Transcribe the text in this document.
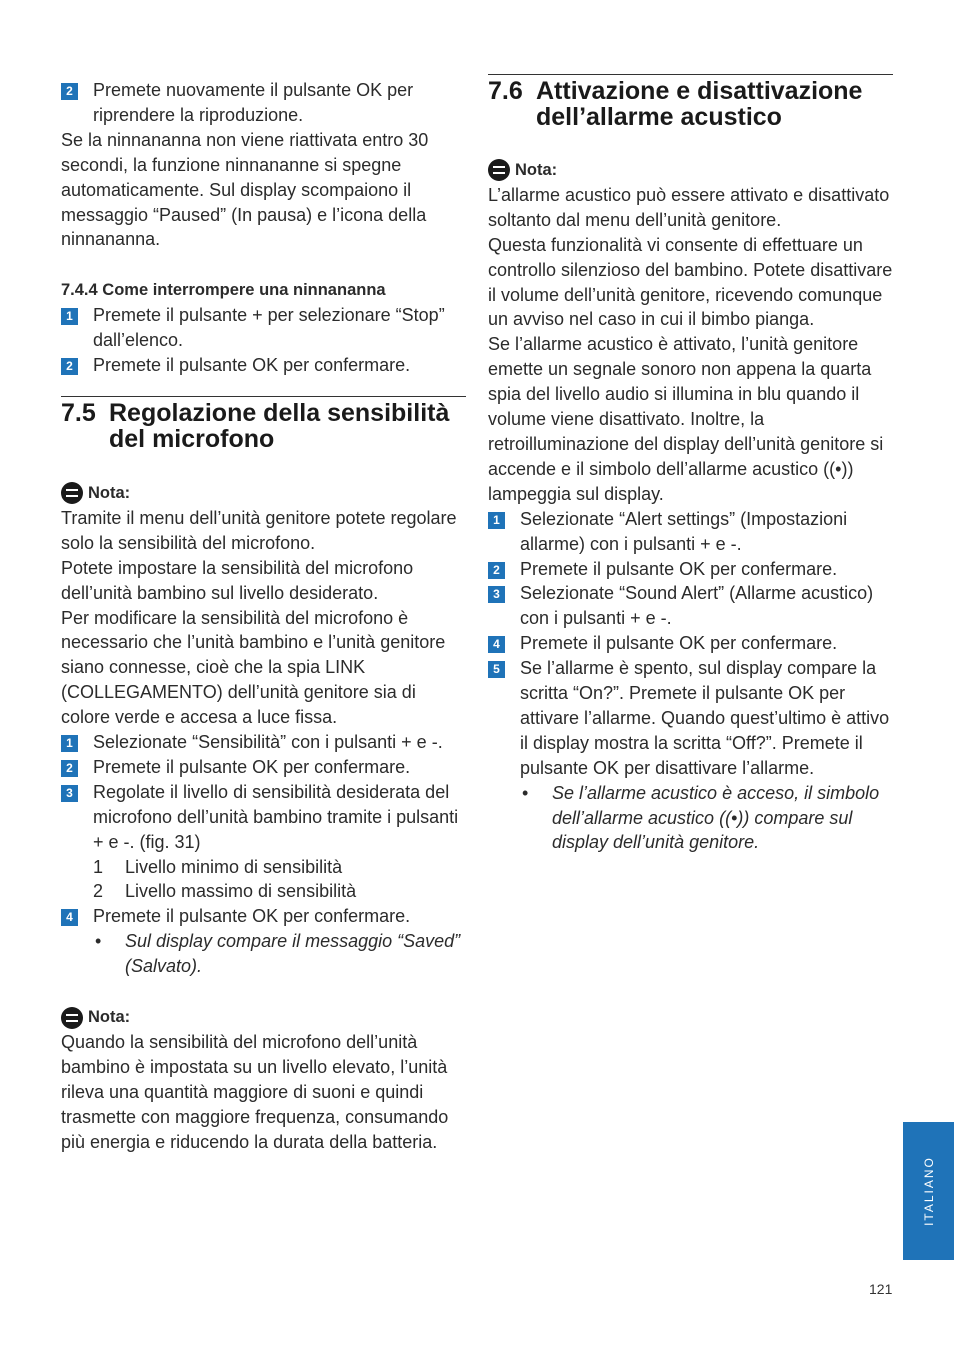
2 Premete nuovamente il pulsante OK per riprendere la riproduzione.

Se la ninnananna non viene riattivata entro 30 secondi, la funzione ninnananne si spegne automaticamente. Sul display scompaiono il messaggio “Paused” (In pausa) e l’icona della ninnananna.

7.4.4 Come interrompere una ninnananna

1 Premete il pulsante + per selezionare “Stop” dall’elenco.
2 Premete il pulsante OK per confermare.
7.5 Regolazione della sensibilità del microfono
Nota:

Tramite il menu dell’unità genitore potete regolare solo la sensibilità del microfono.

Potete impostare la sensibilità del microfono dell’unità bambino sul livello desiderato.

Per modificare la sensibilità del microfono è necessario che l’unità bambino e l’unità genitore siano connesse, cioè che la spia LINK (COLLEGAMENTO) dell’unità genitore sia di colore verde e accesa a luce fissa.

1 Selezionate “Sensibilità” con i pulsanti + e -.
2 Premete il pulsante OK per confermare.
3 Regolate il livello di sensibilità desiderata del microfono dell’unità bambino tramite i pulsanti + e -. (fig. 31)
1 Livello minimo di sensibilità
2 Livello massimo di sensibilità
4 Premete il pulsante OK per confermare.
• Sul display compare il messaggio “Saved” (Salvato).
Nota:

Quando la sensibilità del microfono dell’unità bambino è impostata su un livello elevato, l’unità rileva una quantità maggiore di suoni e quindi trasmette con maggiore frequenza, consumando più energia e riducendo la durata della batteria.

7.6 Attivazione e disattivazione dell’allarme acustico
Nota:

L’allarme acustico può essere attivato e disattivato soltanto dal menu dell’unità genitore.

Questa funzionalità vi consente di effettuare un controllo silenzioso del bambino. Potete disattivare il volume dell’unità genitore, ricevendo comunque un avviso nel caso in cui il bimbo pianga.

Se l’allarme acustico è attivato, l’unità genitore emette un segnale sonoro non appena la quarta spia del livello audio si illumina in blu quando il volume viene disattivato. Inoltre, la retroilluminazione del display dell’unità genitore si accende e il simbolo dell’allarme acustico ((•)) lampeggia sul display.

1 Selezionate “Alert settings” (Impostazioni allarme) con i pulsanti + e -.
2 Premete il pulsante OK per confermare.
3 Selezionate “Sound Alert” (Allarme acustico) con i pulsanti + e -.
4 Premete il pulsante OK per confermare.
5 Se l’allarme è spento, sul display compare la scritta “On?”. Premete il pulsante OK per attivare l’allarme. Quando quest’ultimo è attivo il display mostra la scritta “Off?”. Premete il pulsante OK per disattivare l’allarme.
• Se l’allarme acustico è acceso, il simbolo dell’allarme acustico ((•)) compare sul display dell’unità genitore.
ITALIANO
121
